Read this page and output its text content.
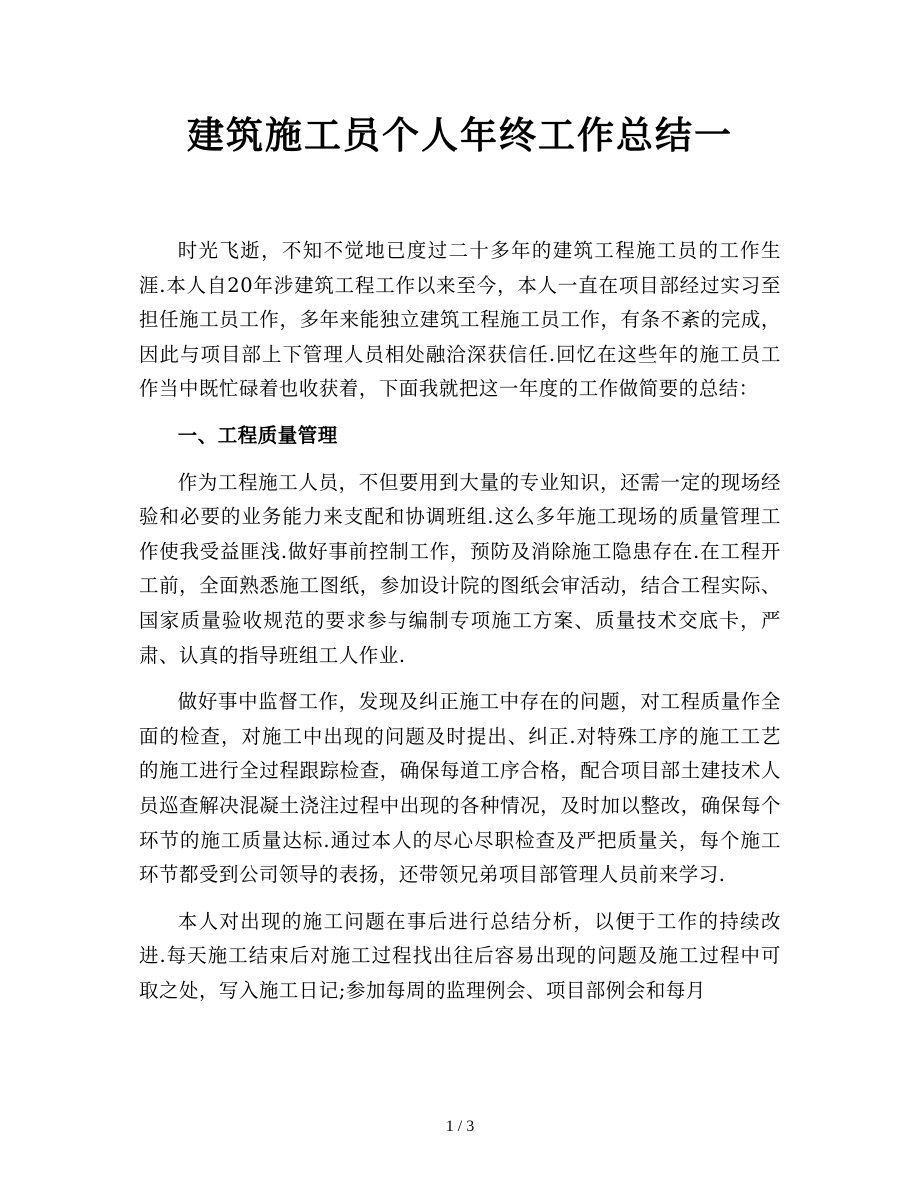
建筑施工员个人年终工作总结一

时光飞逝，不知不觉地已度过二十多年的建筑工程施工员的工作生涯.本人自20年涉建筑工程工作以来至今，本人一直在项目部经过实习至担任施工员工作，多年来能独立建筑工程施工员工作，有条不紊的完成，因此与项目部上下管理人员相处融洽深获信任.回忆在这些年的施工员工作当中既忙碌着也收获着，下面我就把这一年度的工作做简要的总结：

一、工程质量管理

作为工程施工人员，不但要用到大量的专业知识，还需一定的现场经验和必要的业务能力来支配和协调班组.这么多年施工现场的质量管理工作使我受益匪浅.做好事前控制工作，预防及消除施工隐患存在.在工程开工前，全面熟悉施工图纸，参加设计院的图纸会审活动，结合工程实际、国家质量验收规范的要求参与编制专项施工方案、质量技术交底卡，严肃、认真的指导班组工人作业.

做好事中监督工作，发现及纠正施工中存在的问题，对工程质量作全面的检查，对施工中出现的问题及时提出、纠正.对特殊工序的施工工艺的施工进行全过程跟踪检查，确保每道工序合格，配合项目部土建技术人员巡查解决混凝土浇注过程中出现的各种情况，及时加以整改，确保每个环节的施工质量达标.通过本人的尽心尽职检查及严把质量关，每个施工环节都受到公司领导的表扬，还带领兄弟项目部管理人员前来学习.

本人对出现的施工问题在事后进行总结分析，以便于工作的持续改进.每天施工结束后对施工过程找出往后容易出现的问题及施工过程中可取之处，写入施工日记;参加每周的监理例会、项目部例会和每月

1 / 3
